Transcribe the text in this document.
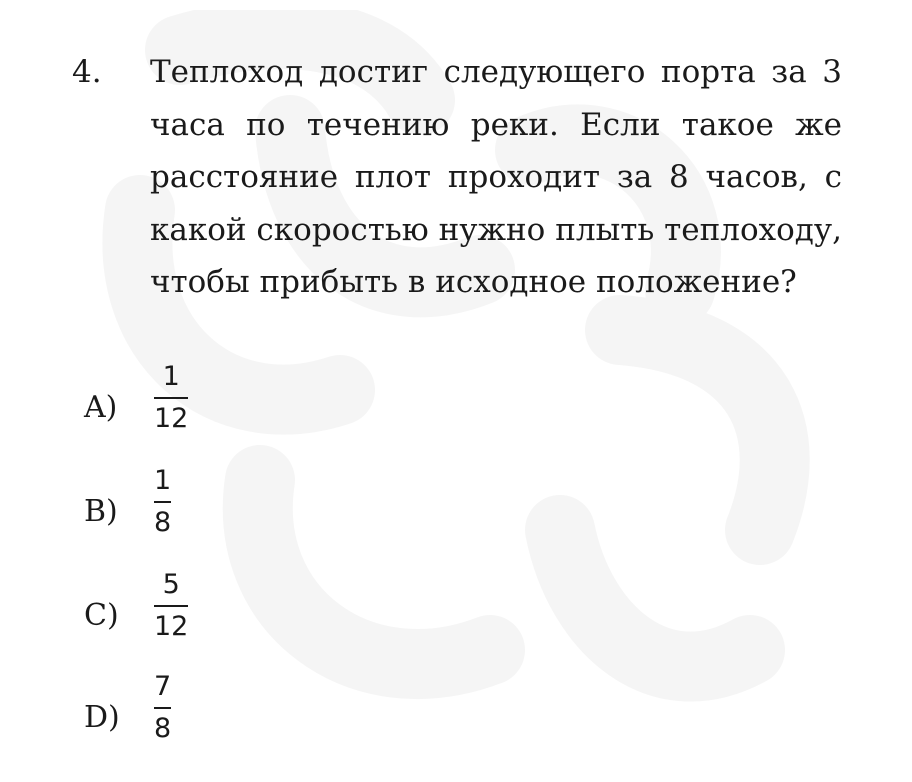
4. Теплоход достиг следующего порта за 3 часа по течению реки. Если такое же расстояние плот проходит за 8 часов, с какой скоростью нужно плыть теплоходу, чтобы прибыть в исходное положение?

A)
1
12
B)
1
8
C)
5
12
D)
7
8
